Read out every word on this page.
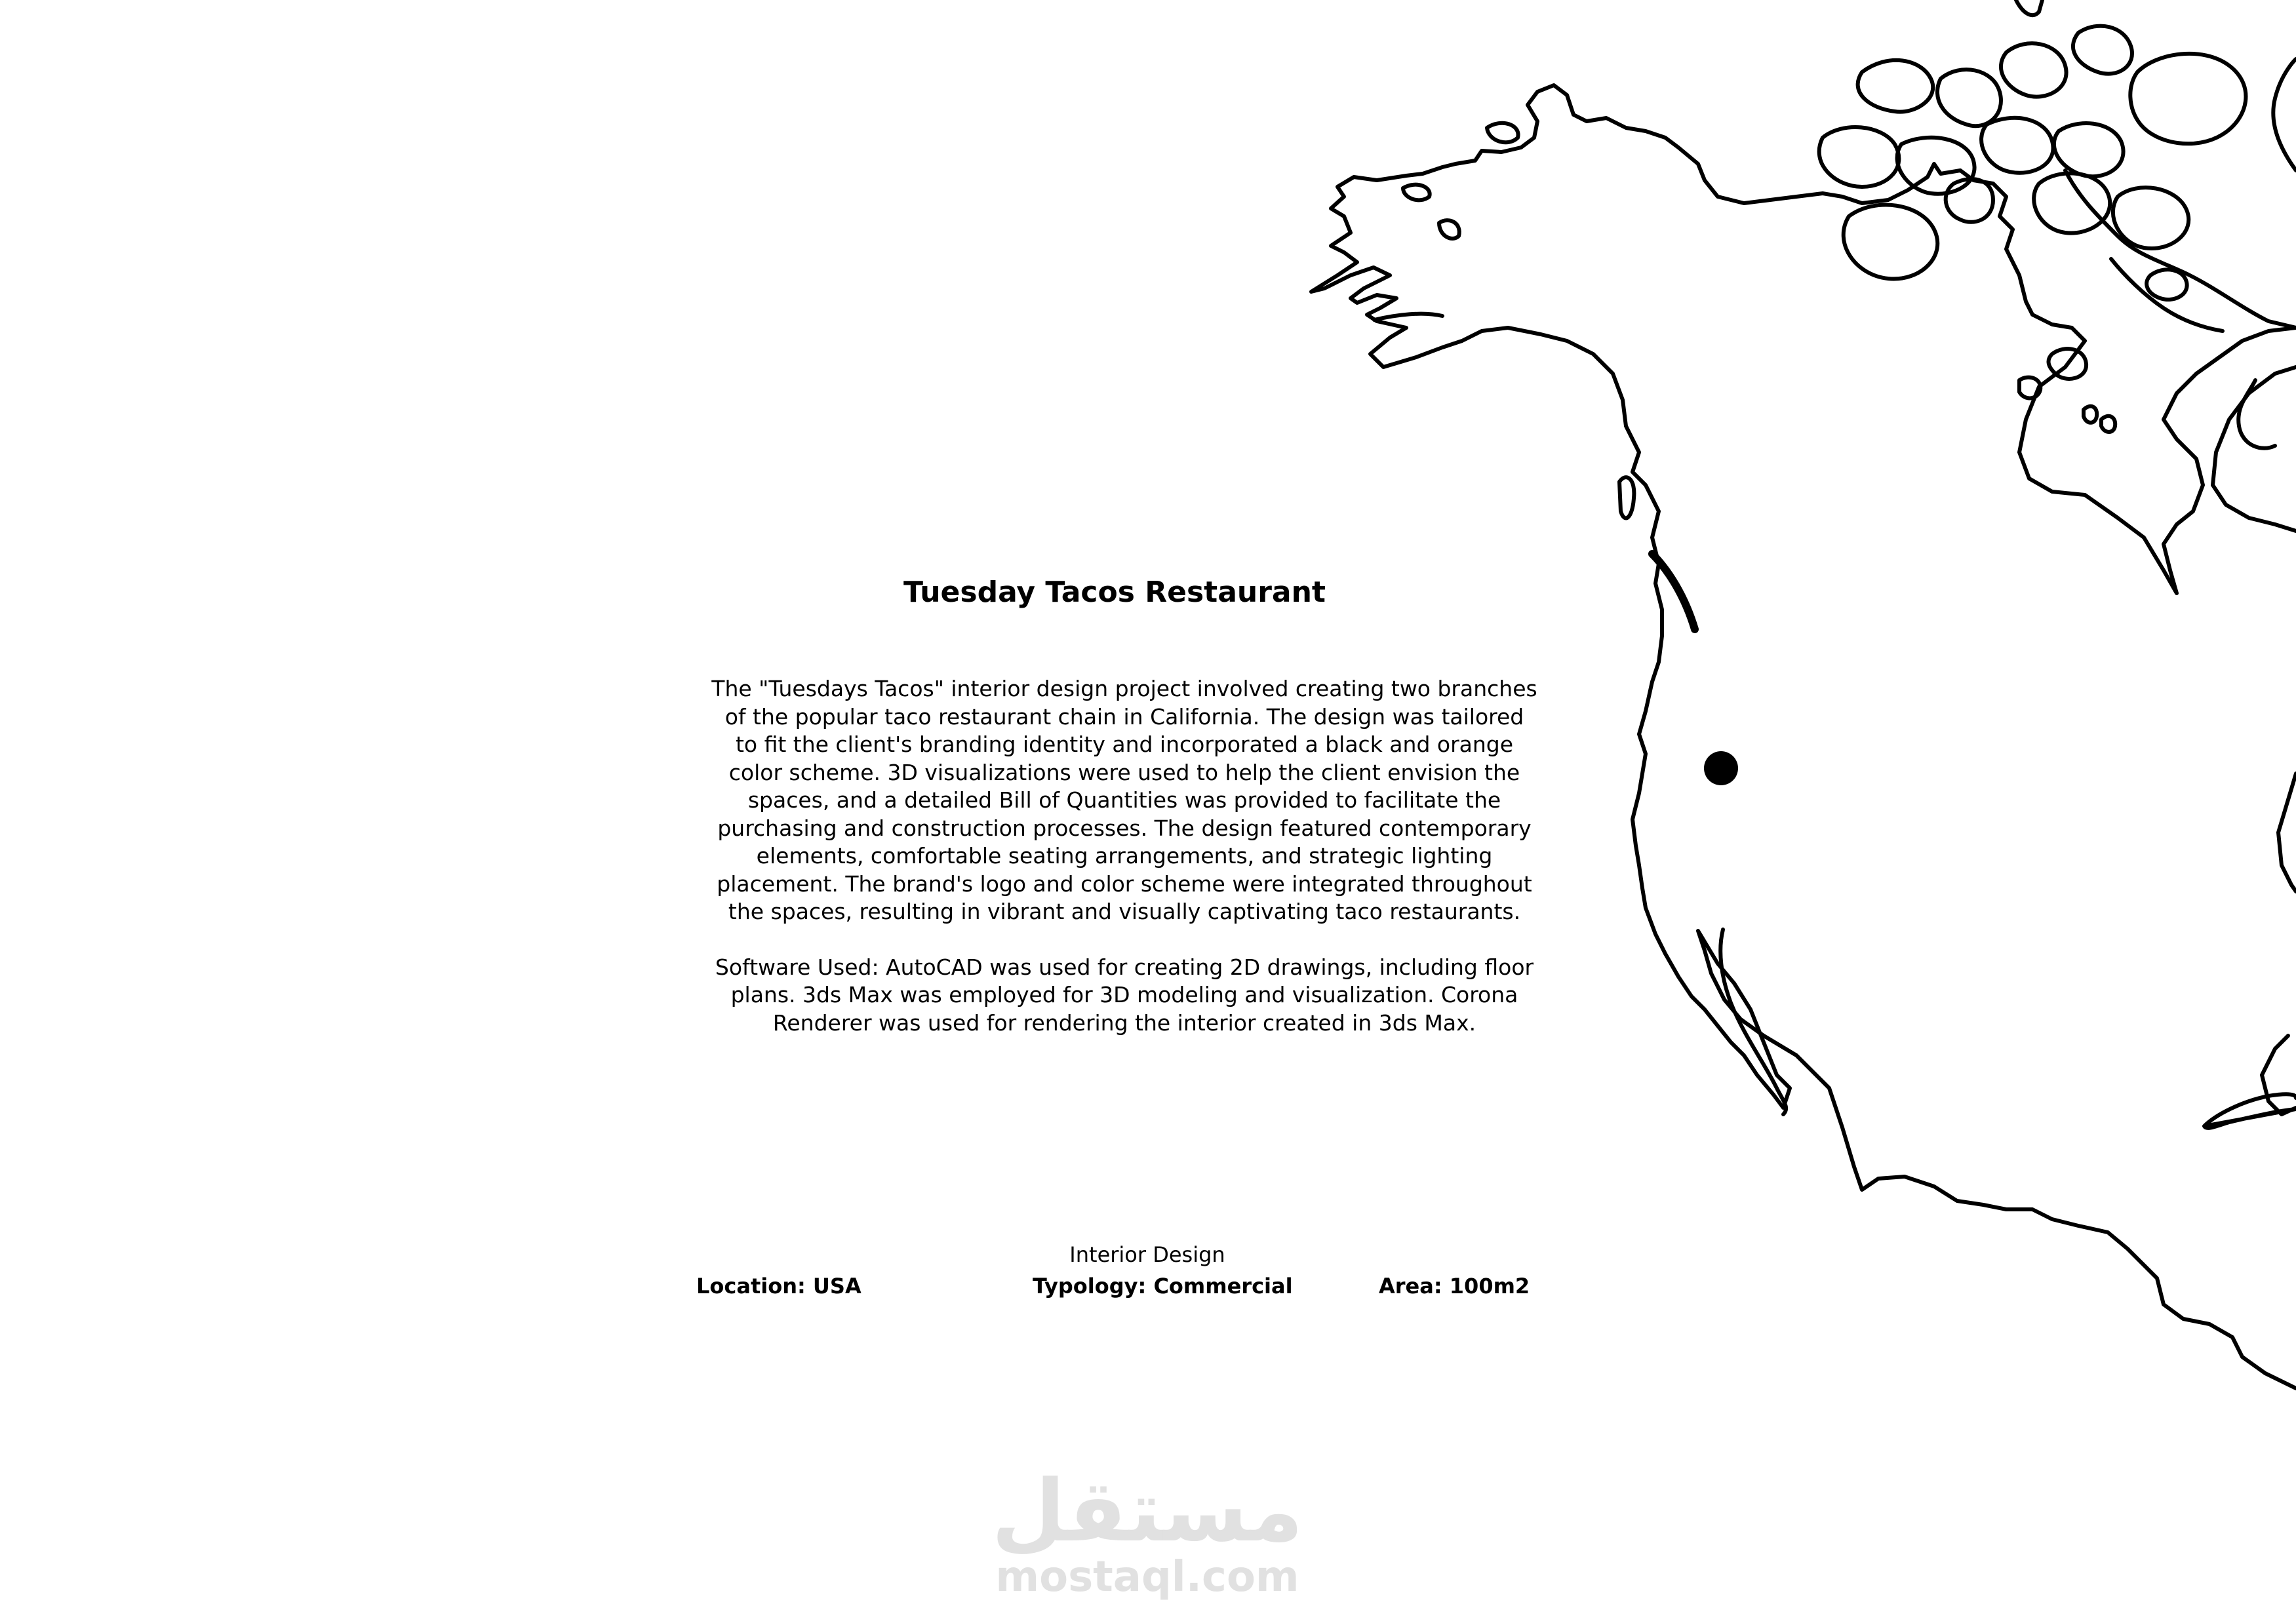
Tuesday Tacos Restaurant

The "Tuesdays Tacos" interior design project involved creating two branches of the popular taco restaurant chain in California. The design was tailored to fit the client's branding identity and incorporated a black and orange color scheme. 3D visualizations were used to help the client envision the spaces, and a detailed Bill of Quantities was provided to facilitate the purchasing and construction processes. The design featured contemporary elements, comfortable seating arrangements, and strategic lighting placement. The brand's logo and color scheme were integrated throughout the spaces, resulting in vibrant and visually captivating taco restaurants.

Software Used: AutoCAD was used for creating 2D drawings, including floor plans. 3ds Max was employed for 3D modeling and visualization. Corona Renderer was used for rendering the interior created in 3ds Max.

Interior Design
Location: USA	Typology: Commercial	Area: 100m2
مستقل
mostaql.com
